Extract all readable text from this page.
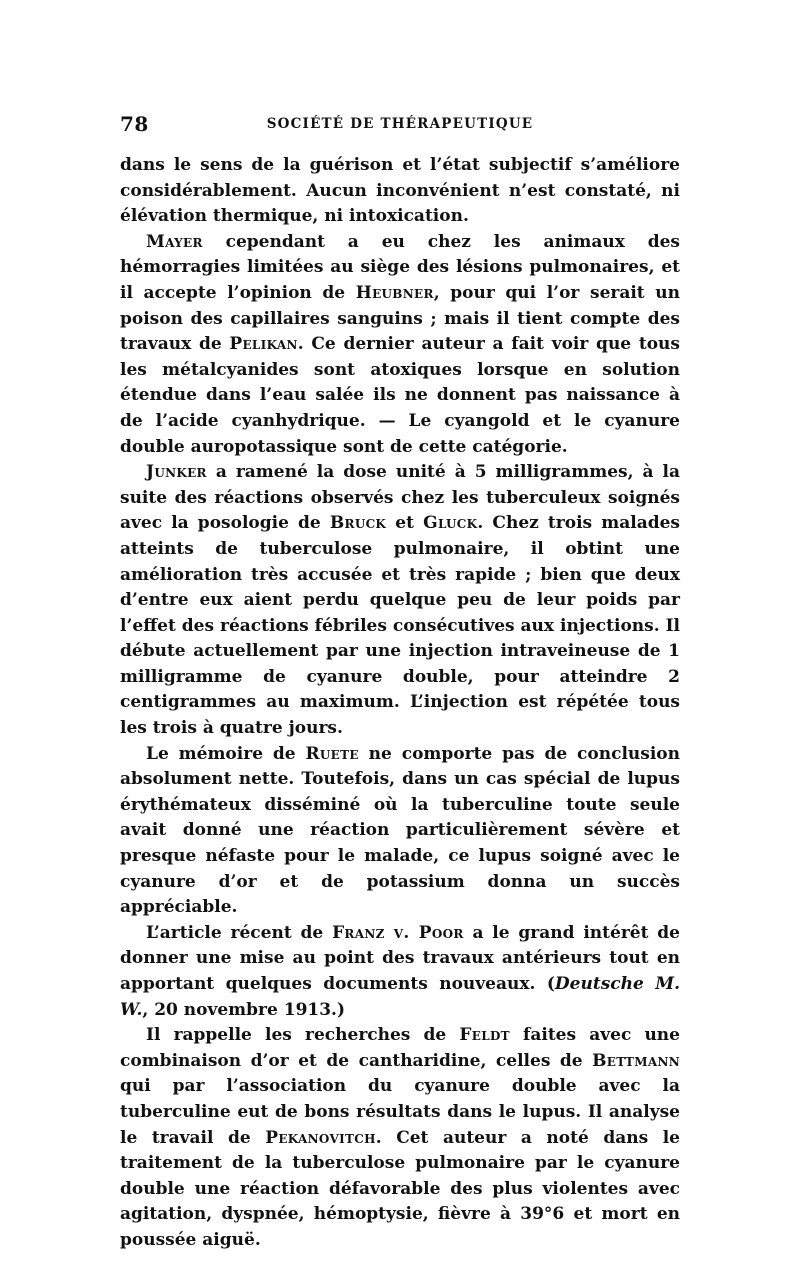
78	SOCIÉTÉ DE THÉRAPEUTIQUE

dans le sens de la guérison et l’état subjectif s’améliore considérablement. Aucun inconvénient n’est constaté, ni élévation thermique, ni intoxication.

Mayer cependant a eu chez les animaux des hémorragies limitées au siège des lésions pulmonaires, et il accepte l’opinion de Heubner, pour qui l’or serait un poison des capillaires sanguins ; mais il tient compte des travaux de Pelikan. Ce dernier auteur a fait voir que tous les métalcyanides sont atoxiques lorsque en solution étendue dans l’eau salée ils ne donnent pas naissance à de l’acide cyanhydrique. — Le cyangold et le cyanure double auropotassique sont de cette catégorie.

Junker a ramené la dose unité à 5 milligrammes, à la suite des réactions observés chez les tuberculeux soignés avec la posologie de Bruck et Gluck. Chez trois malades atteints de tuberculose pulmonaire, il obtint une amélioration très accusée et très rapide ; bien que deux d’entre eux aient perdu quelque peu de leur poids par l’effet des réactions fébriles consécutives aux injections. Il débute actuellement par une injection intraveineuse de 1 milligramme de cyanure double, pour atteindre 2 centigrammes au maximum. L’injection est répétée tous les trois à quatre jours.

Le mémoire de Ruete ne comporte pas de conclusion absolument nette. Toutefois, dans un cas spécial de lupus érythémateux disséminé où la tuberculine toute seule avait donné une réaction particulièrement sévère et presque néfaste pour le malade, ce lupus soigné avec le cyanure d’or et de potassium donna un succès appréciable.

L’article récent de Franz v. Poor a le grand intérêt de donner une mise au point des travaux antérieurs tout en apportant quelques documents nouveaux. (Deutsche M. W., 20 novembre 1913.)

Il rappelle les recherches de Feldt faites avec une combinaison d’or et de cantharidine, celles de Bettmann qui par l’association du cyanure double avec la tuberculine eut de bons résultats dans le lupus. Il analyse le travail de Pekanovitch. Cet auteur a noté dans le traitement de la tuberculose pulmonaire par le cyanure double une réaction défavorable des plus violentes avec agitation, dyspnée, hémoptysie, fièvre à 39°6 et mort en poussée aiguë.
